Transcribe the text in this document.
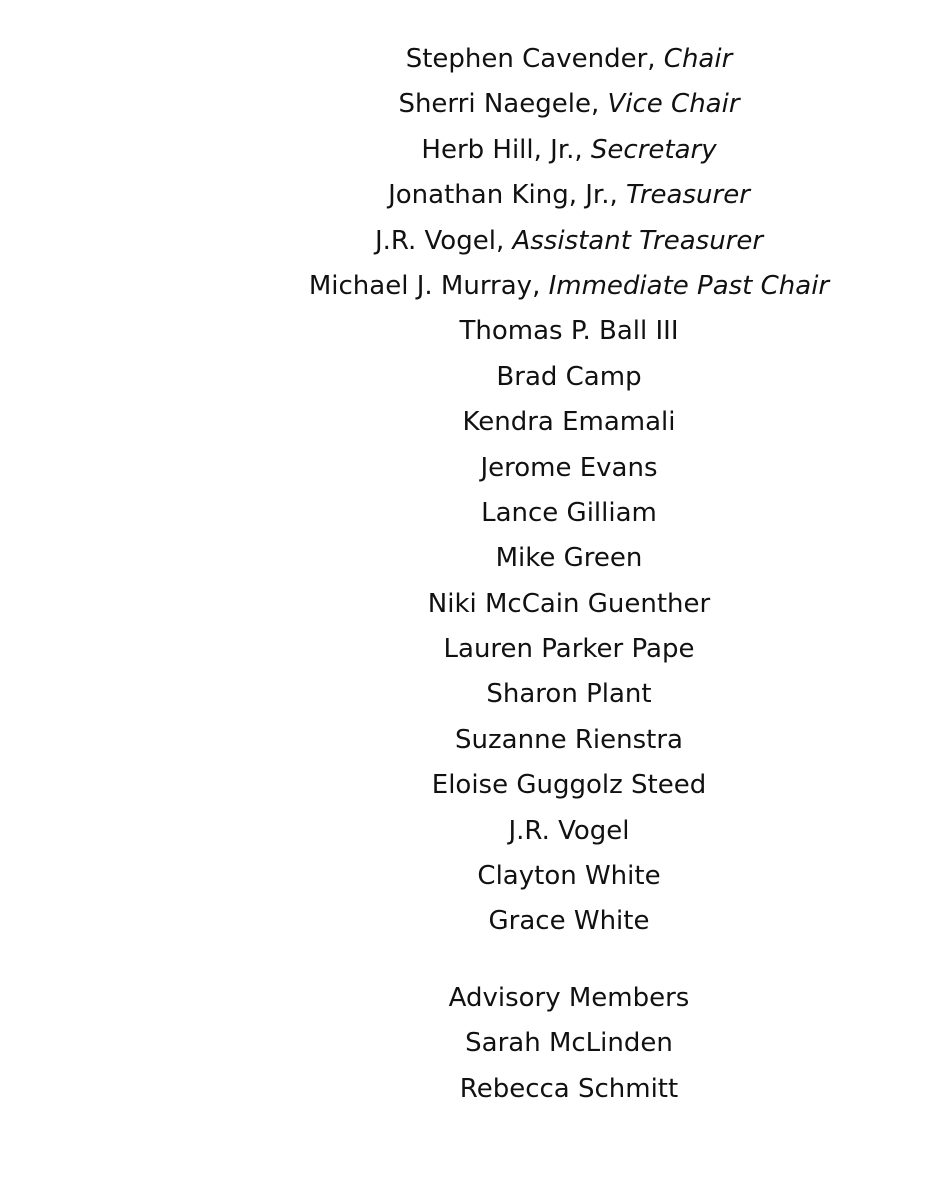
Stephen Cavender, Chair
Sherri Naegele, Vice Chair
Herb Hill, Jr., Secretary
Jonathan King, Jr., Treasurer
J.R. Vogel, Assistant Treasurer
Michael J. Murray, Immediate Past Chair
Thomas P. Ball III
Brad Camp
Kendra Emamali
Jerome Evans
Lance Gilliam
Mike Green
Niki McCain Guenther
Lauren Parker Pape
Sharon Plant
Suzanne Rienstra
Eloise Guggolz Steed
J.R. Vogel
Clayton White
Grace White
Advisory Members
Sarah McLinden
Rebecca Schmitt
